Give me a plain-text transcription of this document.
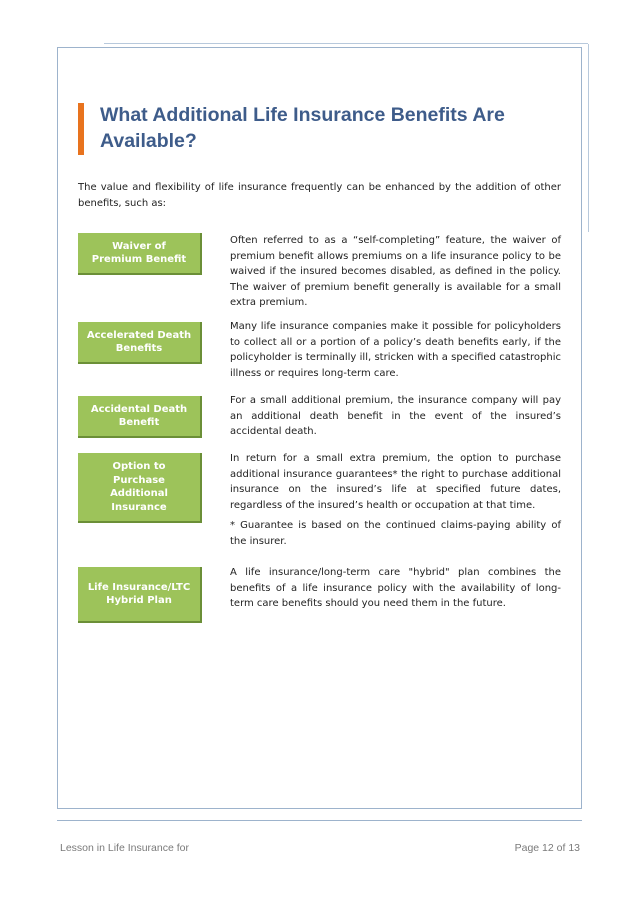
What Additional Life Insurance Benefits Are Available?

The value and flexibility of life insurance frequently can be enhanced by the addition of other benefits, such as:

Waiver of Premium Benefit

Often referred to as a “self-completing” feature, the waiver of premium benefit allows premiums on a life insurance policy to be waived if the insured becomes disabled, as defined in the policy. The waiver of premium benefit generally is available for a small extra premium.

Accelerated Death Benefits

Many life insurance companies make it possible for policyholders to collect all or a portion of a policy’s death benefits early, if the policyholder is terminally ill, stricken with a specified catastrophic illness or requires long-term care.

Accidental Death Benefit

For a small additional premium, the insurance company will pay an additional death benefit in the event of the insured’s accidental death.

Option to Purchase Additional Insurance

In return for a small extra premium, the option to purchase additional insurance guarantees* the right to purchase additional insurance on the insured’s life at specified future dates, regardless of the insured’s health or occupation at that time.

* Guarantee is based on the continued claims-paying ability of the insurer.

Life Insurance/LTC Hybrid Plan

A life insurance/long-term care "hybrid" plan combines the benefits of a life insurance policy with the availability of long-term care benefits should you need them in the future.

Lesson in Life Insurance for	Page 12 of 13
